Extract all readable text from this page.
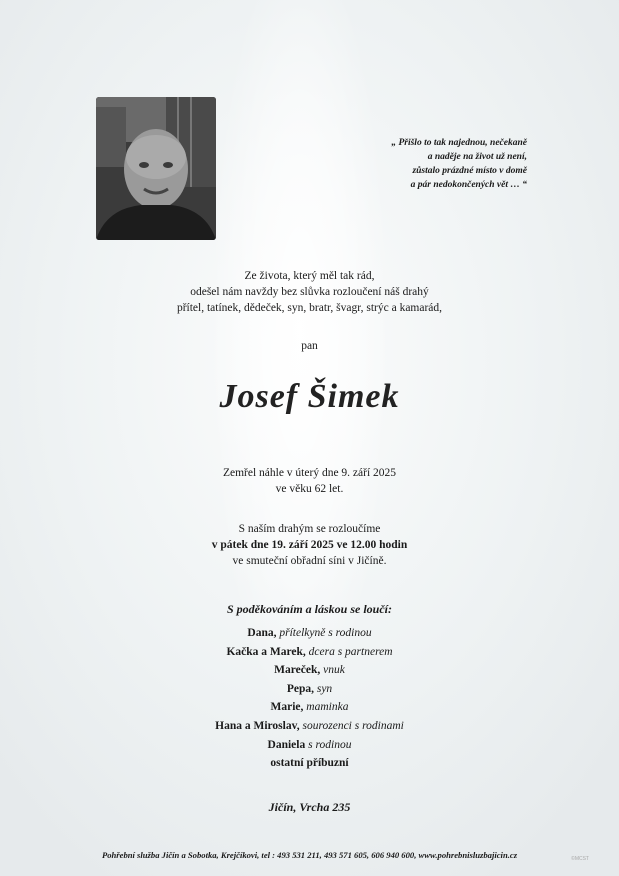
„ Přišlo to tak najednou, nečekaně
a naděje na život už není,
zůstalo prázdné místo v domě
a pár nedokončených vět … “
Ze života, který měl tak rád,
odešel nám navždy bez slůvka rozloučení náš drahý
přítel, tatínek, dědeček, syn, bratr, švagr, strýc a kamarád,
pan
Josef Šimek
Zemřel náhle v úterý dne 9. září 2025
ve věku 62 let.
S naším drahým se rozloučíme
v pátek dne 19. září 2025 ve 12.00 hodin
ve smuteční obřadní síni v Jičíně.
S poděkováním a láskou se loučí:
Dana, přítelkyně s rodinou
Kačka a Marek, dcera s partnerem
Mareček, vnuk
Pepa, syn
Marie, maminka
Hana a Miroslav, sourozenci s rodinami
Daniela s rodinou
ostatní příbuzní
Jičín, Vrcha 235
Pohřební služba Jičín a Sobotka, Krejčíkovi, tel : 493 531 211, 493 571 605, 606 940 600, www.pohrebnisluzbajicin.cz	©MCST
